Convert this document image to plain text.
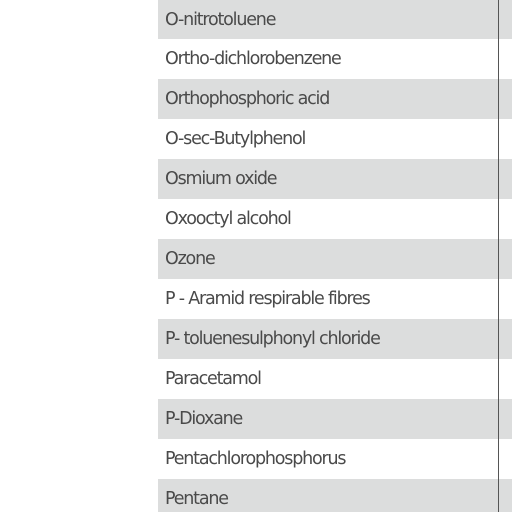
O-nitrotoluene
Ortho-dichlorobenzene
Orthophosphoric acid
O-sec-Butylphenol
Osmium oxide
Oxooctyl alcohol
Ozone
P - Aramid respirable fibres
P- toluenesulphonyl chloride
Paracetamol
P-Dioxane
Pentachlorophosphorus
Pentane
